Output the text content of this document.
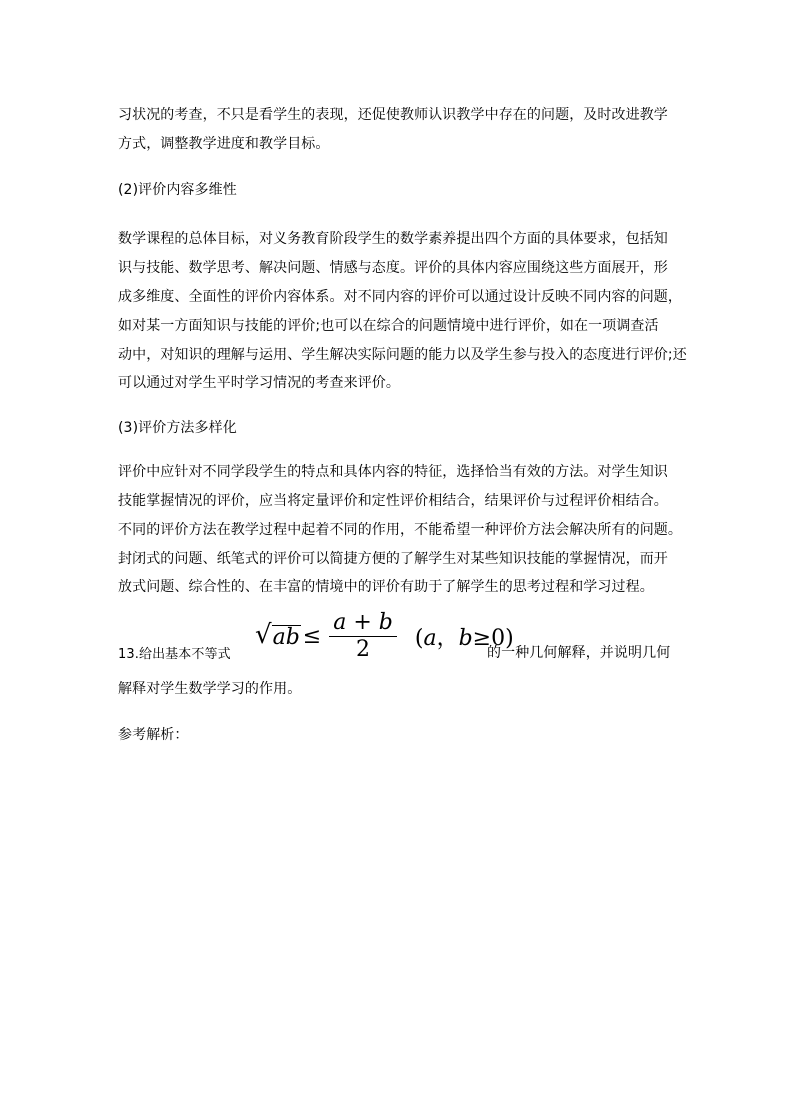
习状况的考查，不只是看学生的表现，还促使教师认识教学中存在的问题，及时改进教学
方式，调整教学进度和教学目标。
(2)评价内容多维性
数学课程的总体目标，对义务教育阶段学生的数学素养提出四个方面的具体要求，包括知
识与技能、数学思考、解决问题、情感与态度。评价的具体内容应围绕这些方面展开，形
成多维度、全面性的评价内容体系。对不同内容的评价可以通过设计反映不同内容的问题，
如对某一方面知识与技能的评价;也可以在综合的问题情境中进行评价，如在一项调查活
动中，对知识的理解与运用、学生解决实际问题的能力以及学生参与投入的态度进行评价;还
可以通过对学生平时学习情况的考查来评价。
(3)评价方法多样化
评价中应针对不同学段学生的特点和具体内容的特征，选择恰当有效的方法。对学生知识
技能掌握情况的评价，应当将定量评价和定性评价相结合，结果评价与过程评价相结合。
不同的评价方法在教学过程中起着不同的作用，不能希望一种评价方法会解决所有的问题。
封闭式的问题、纸笔式的评价可以简捷方便的了解学生对某些知识技能的掌握情况，而开
放式问题、综合性的、在丰富的情境中的评价有助于了解学生的思考过程和学习过程。
13.给出基本不等式
√ ab ≤ $\frac{a + b}{2} (a$，b≥0)
的一种几何解释，并说明几何
解释对学生数学学习的作用。
参考解析：
